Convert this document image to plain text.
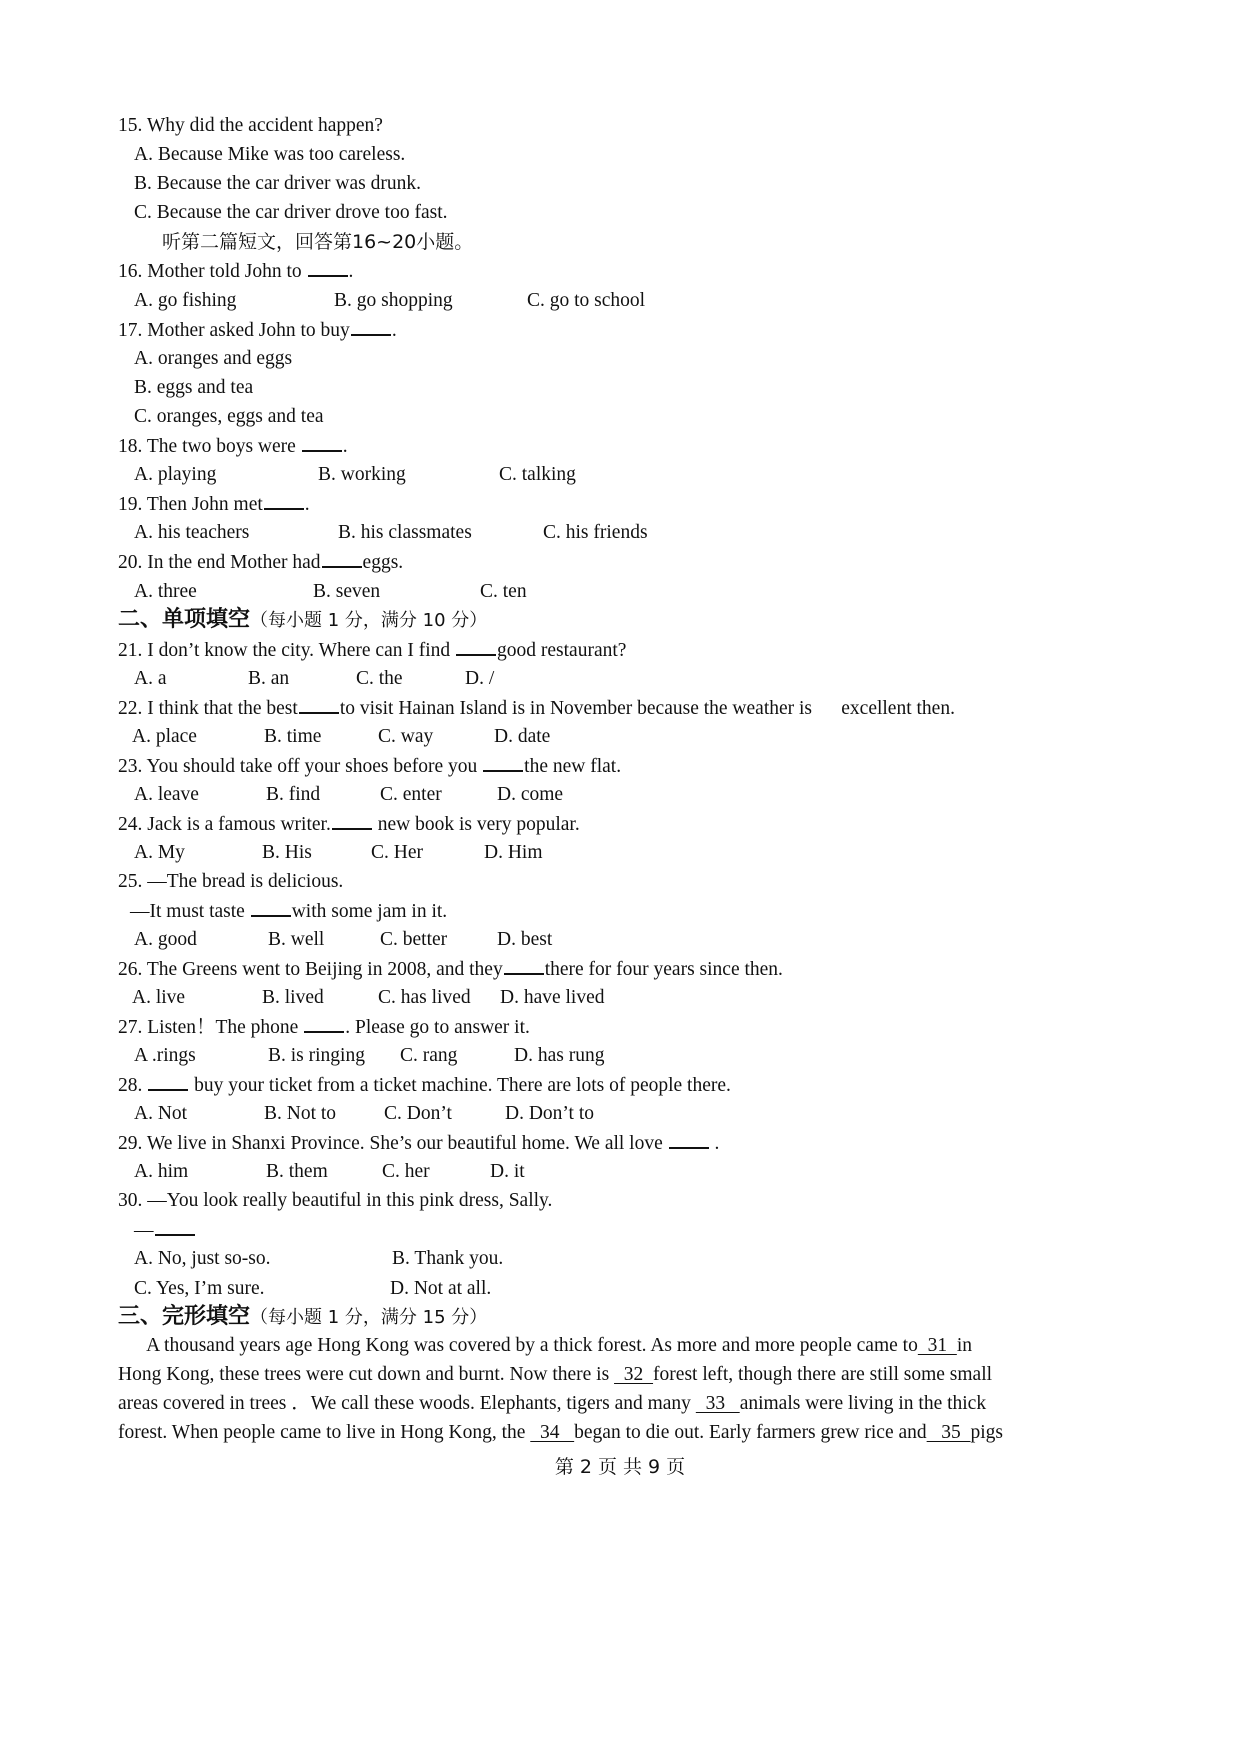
15. Why did the accident happen?
A. Because Mike was too careless.
B. Because the car driver was drunk.
C. Because the car driver drove too fast.
听第二篇短文，回答第16~20小题。
16. Mother told John to .
A. go fishing	B. go shopping	C. go to school
17. Mother asked John to buy .
A. oranges and eggs
B. eggs and tea
C. oranges, eggs and tea
18. The two boys were .
A. playing	B. working	C. talking
19. Then John met .
A. his teachers	B. his classmates	C. his friends
20. In the end Mother had eggs.
A. three	B. seven	C. ten
二、单项填空（每小题 1 分，满分 10 分）
21. I don’t know the city. Where can I find good restaurant?
A. a	B. an	C. the	D. /
22. I think that the best to visit Hainan Island is in November because the weather is      excellent then.
A. place	B. time	C. way	D. date
23. You should take off your shoes before you the new flat.
A. leave	B. find	C. enter	D. come
24. Jack is a famous writer. new book is very popular.
A. My	B. His	C. Her	D. Him
25. —The bread is delicious.
—It must taste with some jam in it.
A. good	B. well	C. better	D. best
26. The Greens went to Beijing in 2008, and they there for four years since then.
A. live	B. lived	C. has lived D. have lived
27. Listen！The phone . Please go to answer it.
A .rings	B. is ringing C. rang	D. has rung
28.  buy your ticket from a ticket machine. There are lots of people there.
A. Not	B. Not to C. Don’t	D. Don’t to
29. We live in Shanxi Province. She’s our beautiful home. We all love  .
A. him	B. them	C. her	D. it
30. —You look really beautiful in this pink dress, Sally.
—
A. No, just so-so.	B. Thank you.
C. Yes, I’m sure.	D. Not at all.
三、完形填空（每小题 1 分，满分 15 分）
A thousand years age Hong Kong was covered by a thick forest. As more and more people came to  31  in
Hong Kong, these trees were cut down and burnt. Now there is   32  forest left, though there are still some small
areas covered in trees ．We call these woods. Elephants, tigers and many   33   animals were living in the thick
forest. When people came to live in Hong Kong, the   34   began to die out. Early farmers grew rice and   35  pigs
第 2 页 共 9 页
